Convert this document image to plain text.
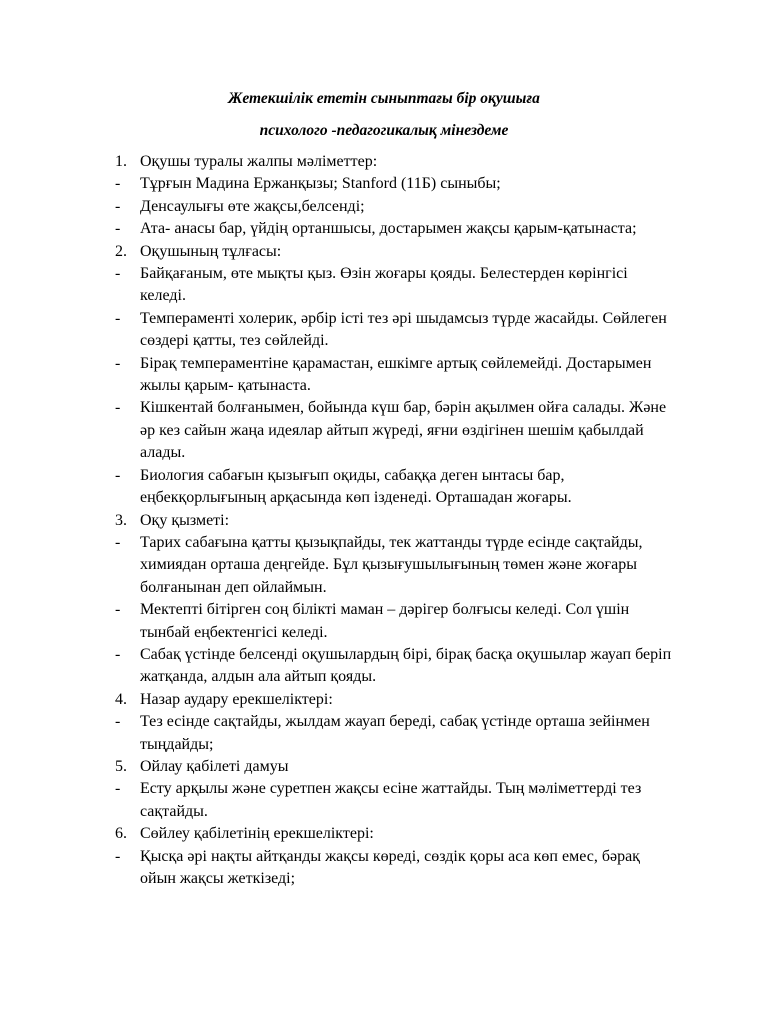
Жетекшілік ететін сыныптағы бір оқушыға
психолого -педагогикалық мінездеме
1. Оқушы туралы жалпы мәліметтер:
-	Тұрғын Мадина Ержанқызы; Stanford (11Б) сыныбы;
-	Денсаулығы өте жақсы,белсенді;
-	Ата- анасы бар, үйдің ортаншысы, достарымен жақсы қарым-қатынаста;
2. Оқушының тұлғасы:
-	Байқағаным, өте мықты қыз. Өзін жоғары қояды. Белестерден көрінгісі келеді.
-	Темпераменті холерик, әрбір істі тез әрі шыдамсыз түрде жасайды. Сөйлеген сөздері қатты, тез сөйлейді.
-	Бірақ темпераментіне қарамастан, ешкімге артық сөйлемейді. Достарымен жылы қарым- қатынаста.
-	Кішкентай болғанымен, бойында күш бар, бәрін ақылмен ойға салады. Және әр кез сайын жаңа идеялар айтып жүреді, яғни өздігінен шешім қабылдай алады.
-	Биология сабағын қызығып оқиды, сабаққа деген ынтасы бар, еңбекқорлығының арқасында көп ізденеді. Орташадан жоғары.
3. Оқу қызметі:
-	Тарих сабағына қатты қызықпайды, тек жаттанды түрде есінде сақтайды, химиядан орташа деңгейде. Бұл қызығушылығының төмен және жоғары болғанынан деп ойлаймын.
-	Мектепті бітірген соң білікті маман – дәрігер болғысы келеді. Сол үшін тынбай еңбектенгісі келеді.
-	Сабақ үстінде белсенді оқушылардың бірі, бірақ басқа оқушылар жауап беріп жатқанда, алдын ала айтып қояды.
4. Назар аудару ерекшеліктері:
-	Тез есінде сақтайды, жылдам жауап береді, сабақ үстінде орташа зейінмен тыңдайды;
5. Ойлау қабілеті дамуы
-	Есту арқылы және суретпен жақсы есіне жаттайды. Тың мәліметтерді тез сақтайды.
6. Сөйлеу қабілетінің ерекшеліктері:
-	Қысқа әрі нақты айтқанды жақсы көреді, сөздік қоры аса көп емес, бәрақ ойын жақсы жеткізеді;
